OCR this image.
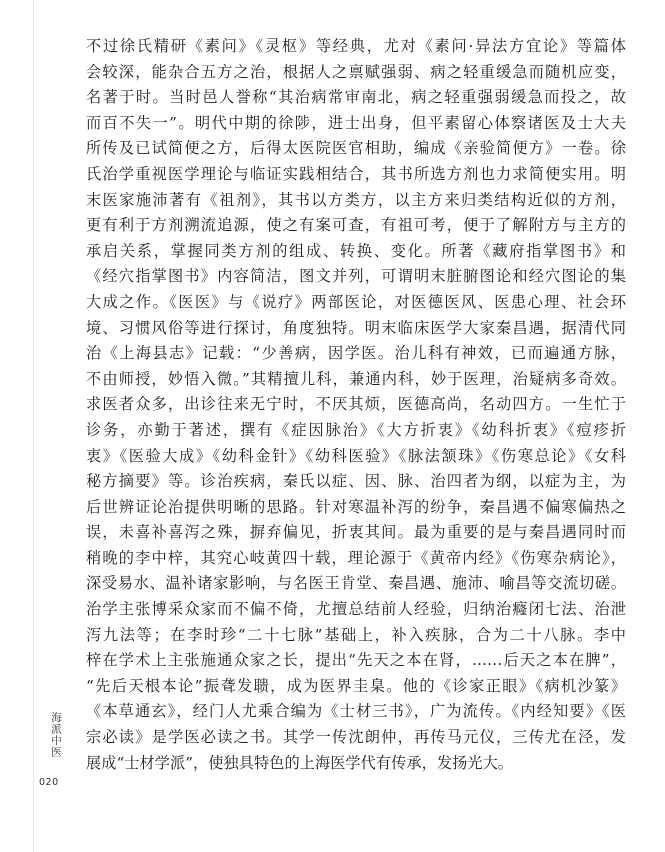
不过徐氏精研《素问》《灵枢》等经典，尤对《素问·异法方宜论》等篇体
会较深，能杂合五方之治，根据人之禀赋强弱、病之轻重缓急而随机应变，
名著于时。当时邑人誉称“其治病常审南北，病之轻重强弱缓急而投之，故
而百不失一”。明代中期的徐陟，进士出身，但平素留心体察诸医及士大夫
所传及已试简便之方，后得太医院医官相助，编成《亲验简便方》一卷。徐
氏治学重视医学理论与临证实践相结合，其书所选方剂也力求简便实用。明
末医家施沛著有《祖剂》，其书以方类方，以主方来归类结构近似的方剂，
更有利于方剂溯流追源，使之有案可查，有祖可考，便于了解附方与主方的
承启关系，掌握同类方剂的组成、转换、变化。所著《藏府指掌图书》和
《经穴指掌图书》内容简洁，图文并列，可谓明末脏腑图论和经穴图论的集
大成之作。《医医》与《说疗》两部医论，对医德医风、医患心理、社会环
境、习惯风俗等进行探讨，角度独特。明末临床医学大家秦昌遇，据清代同
治《上海县志》记载：“少善病，因学医。治儿科有神效，已而遍通方脉，
不由师授，妙悟入微。”其精擅儿科，兼通内科，妙于医理，治疑病多奇效。
求医者众多，出诊往来无宁时，不厌其烦，医德高尚，名动四方。一生忙于
诊务，亦勤于著述，撰有《症因脉治》《大方折衷》《幼科折衷》《痘疹折
衷》《医验大成》《幼科金针》《幼科医验》《脉法颔珠》《伤寒总论》《女科
秘方摘要》等。诊治疾病，秦氏以症、因、脉、治四者为纲，以症为主，为
后世辨证论治提供明晰的思路。针对寒温补泻的纷争，秦昌遇不偏寒偏热之
误，未喜补喜泻之殊，摒弃偏见，折衷其间。最为重要的是与秦昌遇同时而
稍晚的李中梓，其究心岐黄四十载，理论源于《黄帝内经》《伤寒杂病论》，
深受易水、温补诸家影响，与名医王肯堂、秦昌遇、施沛、喻昌等交流切磋。
治学主张博采众家而不偏不倚，尤擅总结前人经验，归纳治癃闭七法、治泄
泻九法等；在李时珍“二十七脉”基础上，补入疾脉，合为二十八脉。李中
梓在学术上主张施通众家之长，提出“先天之本在肾，……后天之本在脾”，
“先后天根本论”振聋发聩，成为医界圭臬。他的《诊家正眼》《病机沙篆》
《本草通玄》，经门人尤乘合编为《士材三书》，广为流传。《内经知要》《医
宗必读》是学医必读之书。其学一传沈朗仲，再传马元仪，三传尤在泾，发
展成“士材学派”，使独具特色的上海医学代有传承，发扬光大。
海派中医
020
